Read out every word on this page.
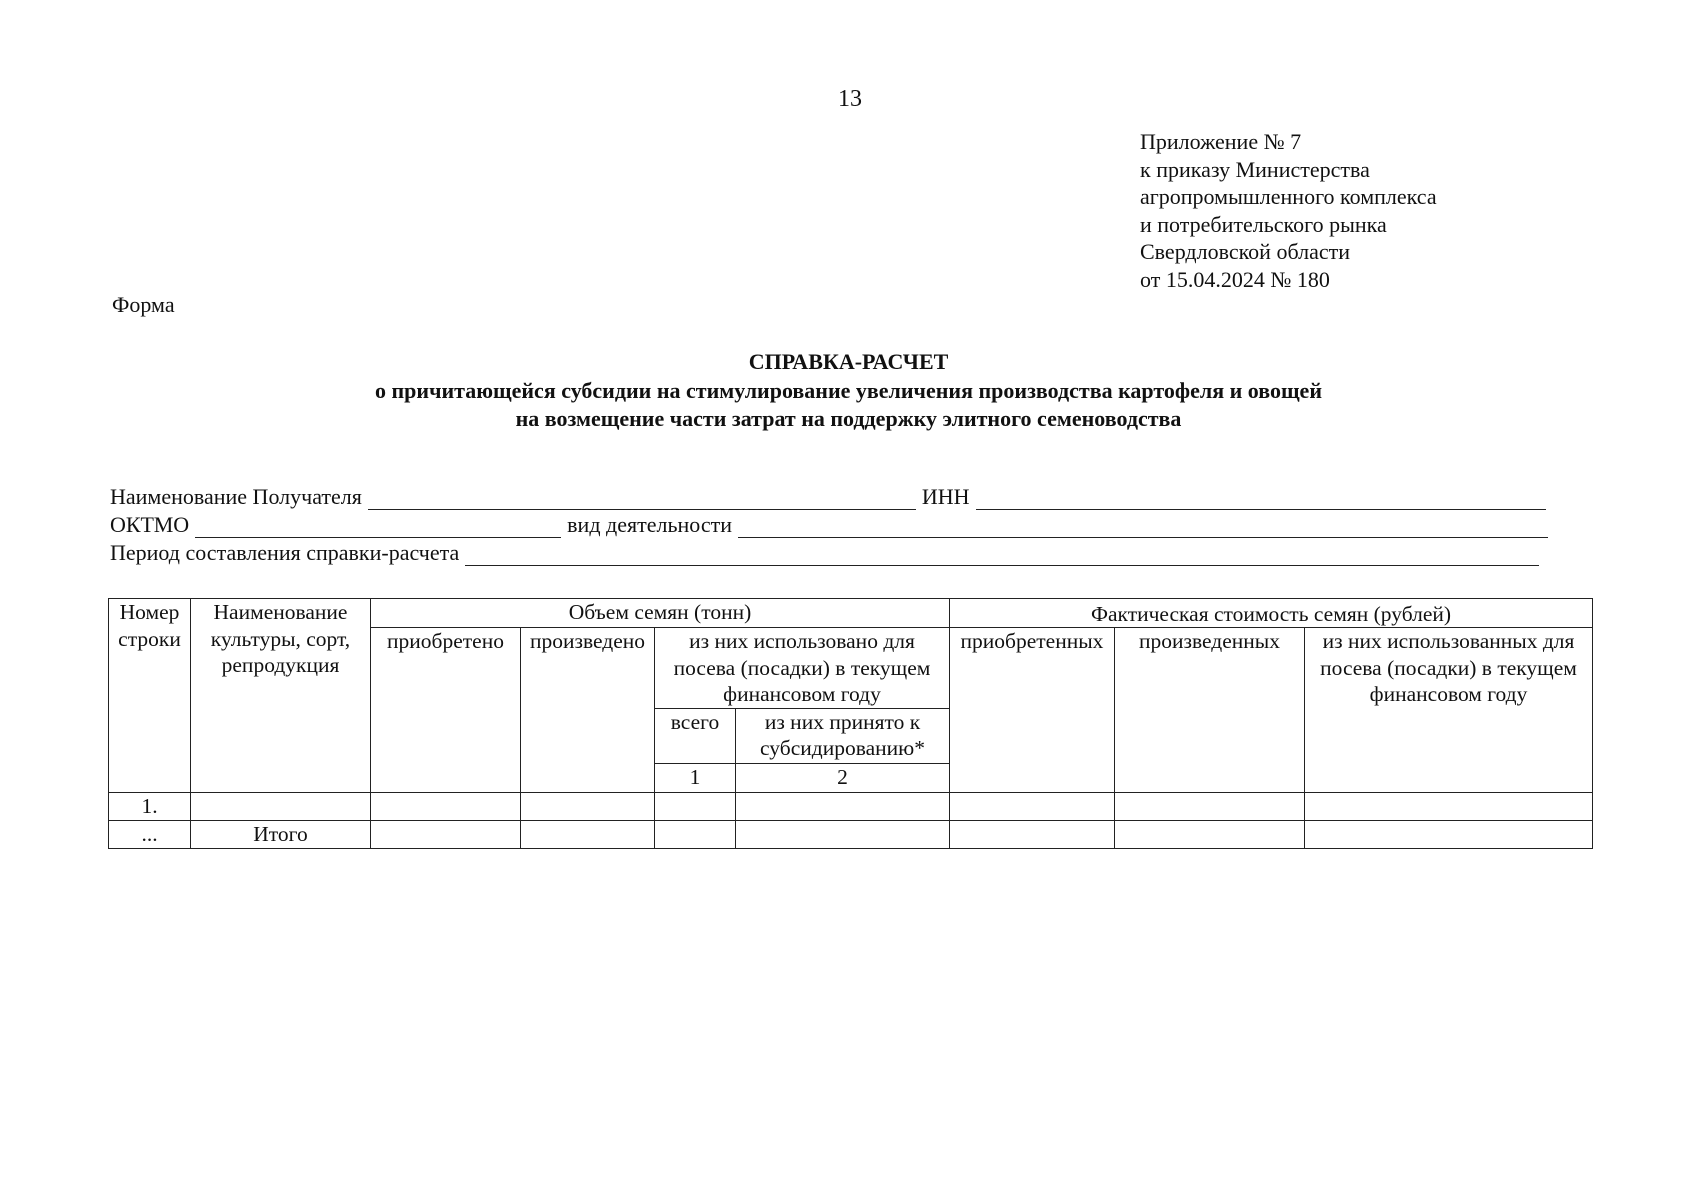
13
Приложение № 7
к приказу Министерства
агропромышленного комплекса
и потребительского рынка
Свердловской области
от 15.04.2024 № 180
Форма
СПРАВКА-РАСЧЕТ
о причитающейся субсидии на стимулирование увеличения производства картофеля и овощей
на возмещение части затрат на поддержку элитного семеноводства
Наименование Получателя	ИНН
ОКТМО	вид деятельности
Период составления справки-расчета
Номер строки	Наименование культуры, сорт, репродукция	Объем семян (тонн)				Фактическая стоимость семян (рублей)			
		приобретено	произведено	из них использовано для посева (посадки) в текущем финансовом году		приобретенных	произведенных	из них использованных для посева (посадки) в текущем финансовом году	
				всего	из них принято к субсидированию*				
				1	2							
1.									
...	Итого								
